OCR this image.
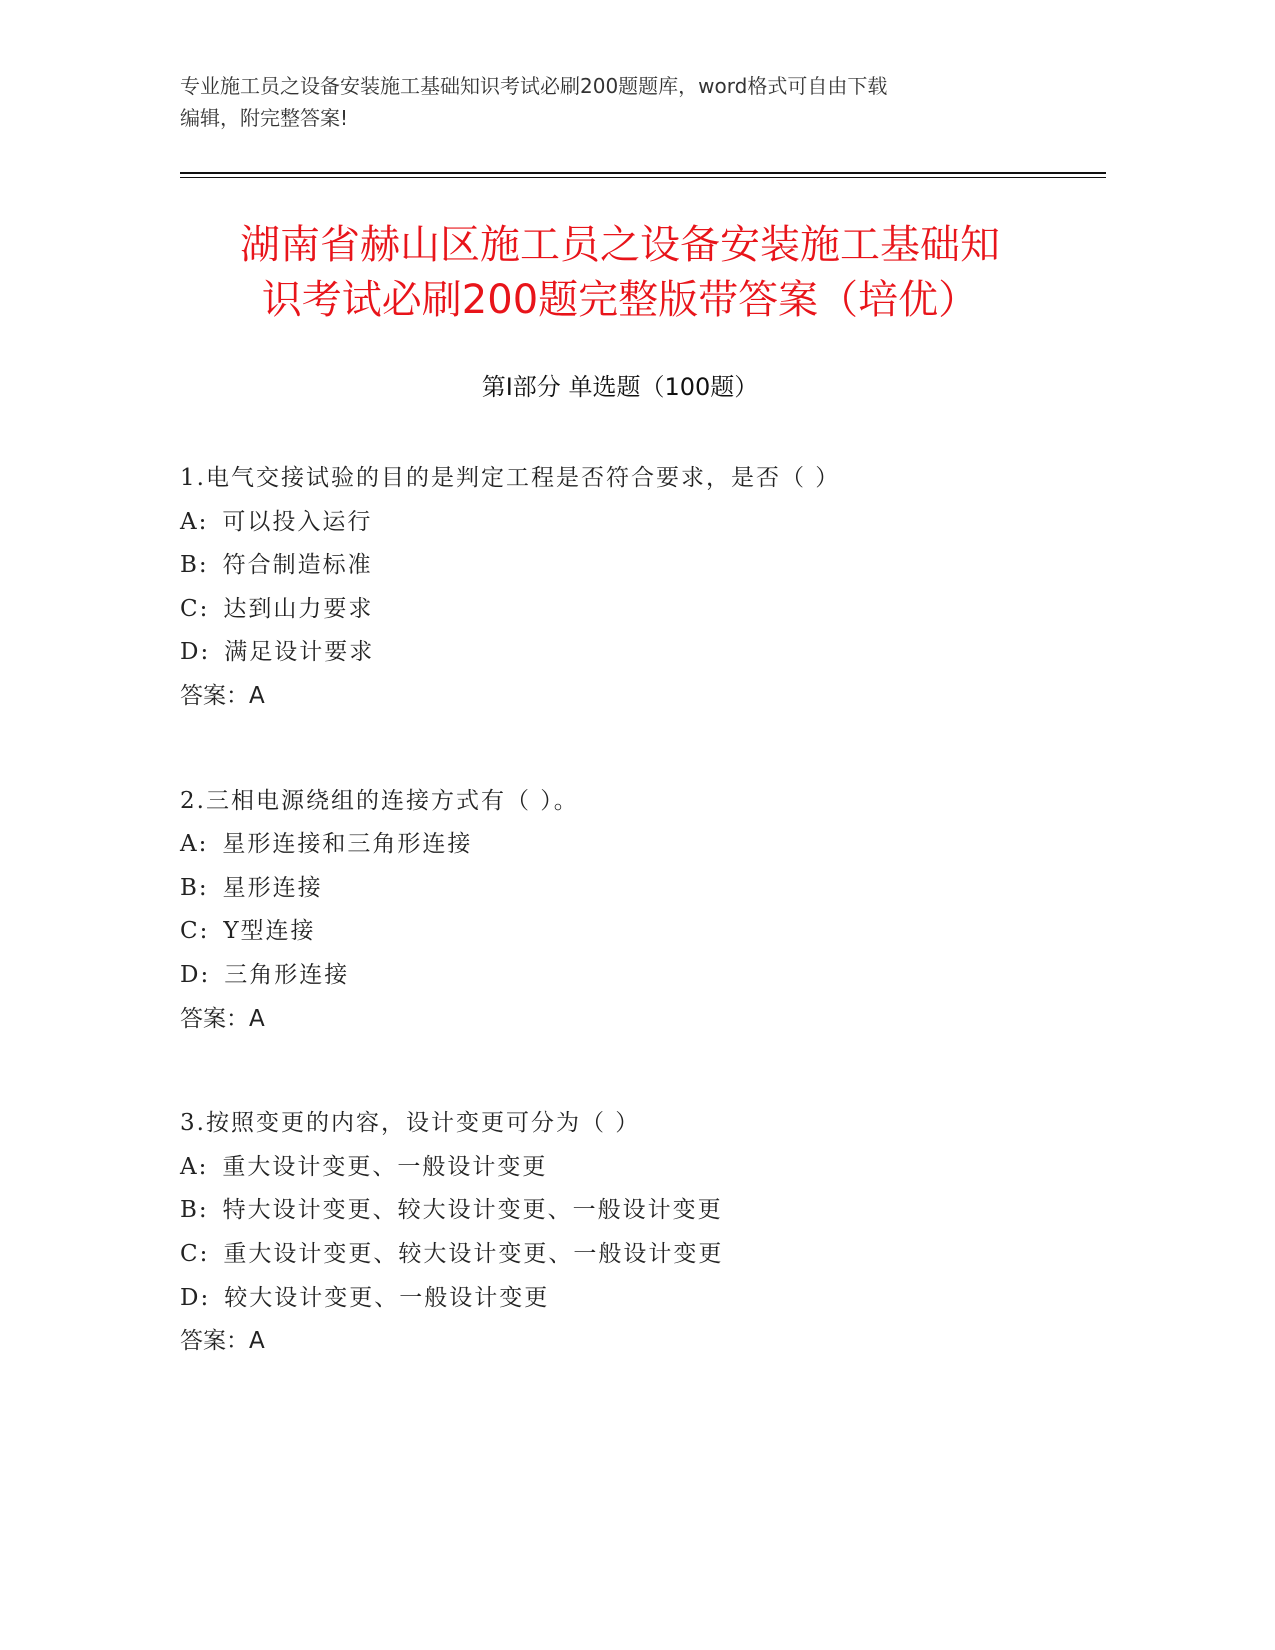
专业施工员之设备安装施工基础知识考试必刷200题题库，word格式可自由下载
编辑，附完整答案!
湖南省赫山区施工员之设备安装施工基础知
识考试必刷200题完整版带答案（培优）
第Ⅰ部分 单选题（100题）
1.电气交接试验的目的是判定工程是否符合要求，是否（ ）
A: 可以投入运行
B: 符合制造标准
C: 达到山力要求
D: 满足设计要求
答案：A
2.三相电源绕组的连接方式有（ ）。
A: 星形连接和三角形连接
B: 星形连接
C: Y型连接
D: 三角形连接
答案：A
3.按照变更的内容，设计变更可分为（ ）
A: 重大设计变更、一般设计变更
B: 特大设计变更、较大设计变更、一般设计变更
C: 重大设计变更、较大设计变更、一般设计变更
D: 较大设计变更、一般设计变更
答案：A
